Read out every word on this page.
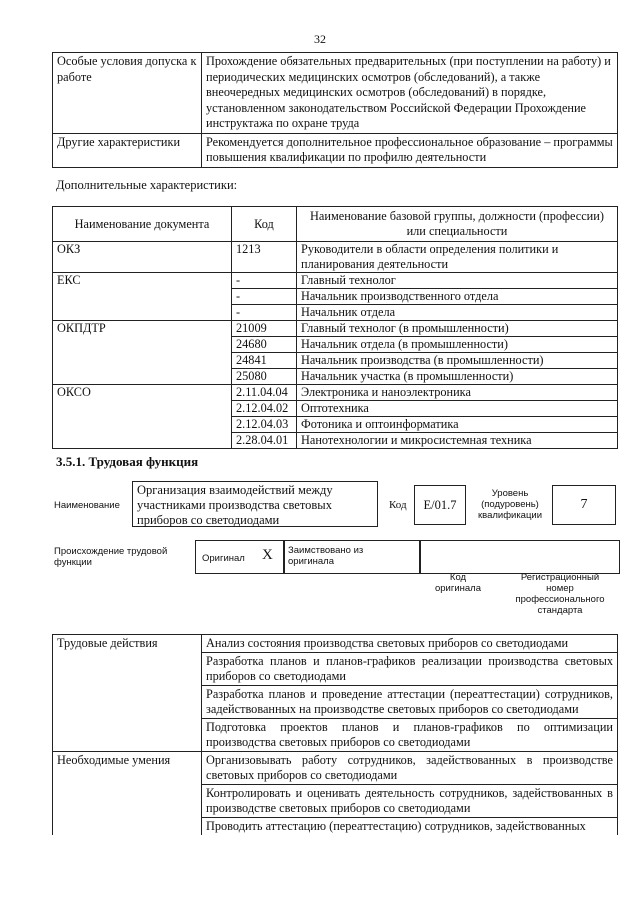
32
Особые условия допуска к работе	Прохождение обязательных предварительных (при поступлении на работу) и периодических медицинских осмотров (обследований), а также внеочередных медицинских осмотров (обследований) в порядке, установленном законодательством Российской Федерации Прохождение инструктажа по охране труда
Другие характеристики	Рекомендуется дополнительное профессиональное образование – программы повышения квалификации по профилю деятельности
Дополнительные характеристики:
Наименование документа	Код	Наименование базовой группы, должности (профессии) или специальности
ОКЗ	1213	Руководители в области определения политики и планирования деятельности
ЕКС	-	Главный технолог
	-	Начальник производственного отдела
	-	Начальник отдела
ОКПДТР	21009	Главный технолог (в промышленности)
	24680	Начальник отдела (в промышленности)
	24841	Начальник производства (в промышленности)
	25080	Начальник участка (в промышленности)
ОКСО	2.11.04.04	Электроника и наноэлектроника
	2.12.04.02	Оптотехника
	2.12.04.03	Фотоника и оптоинформатика
	2.28.04.01	Нанотехнологии и микросистемная техника
3.5.1. Трудовая функция
Наименование
Организация взаимодействий между участниками производства световых приборов со светодиодами
Код	E/01.7
Уровень (подуровень) квалификации
7
Происхождение трудовой функции	Оригинал X Заимствовано из оригинала
Код оригинала
Регистрационный номер профессионального стандарта
Трудовые действия	Анализ состояния производства световых приборов со светодиодами
	Разработка планов и планов-графиков реализации производства световых приборов со светодиодами
	Разработка планов и проведение аттестации (переаттестации) сотрудников, задействованных на производстве световых приборов со светодиодами
	Подготовка проектов планов и планов-графиков по оптимизации производства световых приборов со светодиодами
Необходимые умения	Организовывать работу сотрудников, задействованных в производстве световых приборов со светодиодами
	Контролировать и оценивать деятельность сотрудников, задействованных в производстве световых приборов со светодиодами
	Проводить аттестацию (переаттестацию) сотрудников, задействованных
